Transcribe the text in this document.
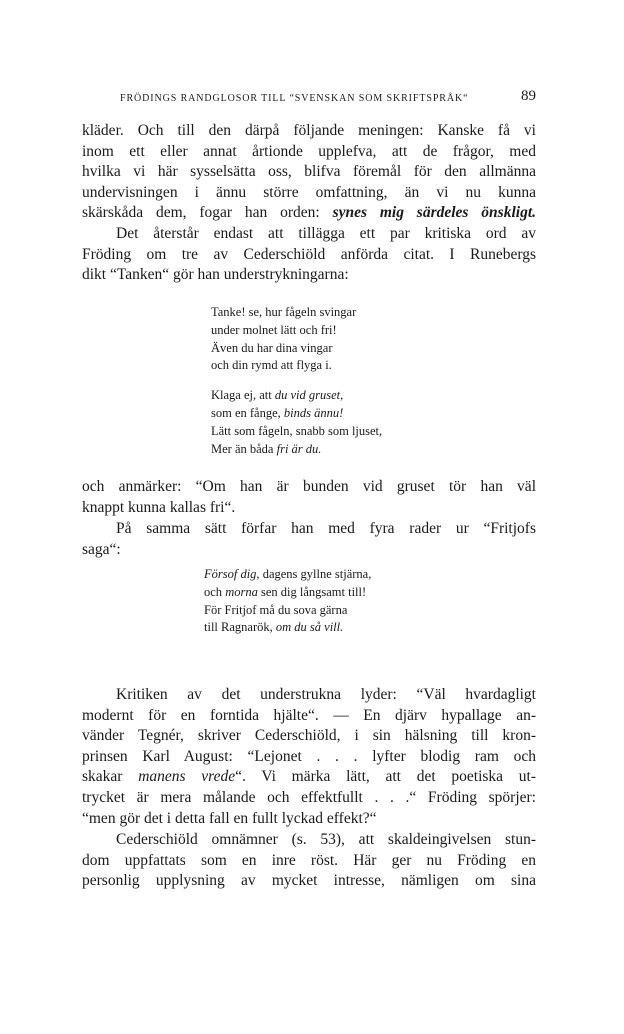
FRÖDINGS RANDGLOSOR TILL “SVENSKAN SOM SKRIFTSPRÅK“	89
kläder. Och till den därpå följande meningen: Kanske få vi
inom ett eller annat årtionde upplefva, att de frågor, med
hvilka vi här sysselsätta oss, blifva föremål för den allmänna
undervisningen i ännu större omfattning, än vi nu kunna
skärskåda dem, fogar han orden: synes mig särdeles önskligt.
Det återstår endast att tillägga ett par kritiska ord av
Fröding om tre av Cederschiöld anförda citat. I Runebergs
dikt “Tanken“ gör han understrykningarna:
Tanke! se, hur fågeln svingar
under molnet lätt och fri!
Även du har dina vingar
och din rymd att flyga i.
Klaga ej, att du vid gruset,
som en fånge, binds ännu!
Lätt som fågeln, snabb som ljuset,
Mer än båda fri är du.
och anmärker: “Om han är bunden vid gruset tör han väl
knappt kunna kallas fri“.
På samma sätt förfar han med fyra rader ur “Fritjofs
saga“:
Försof dig, dagens gyllne stjärna,
och morna sen dig långsamt till!
För Fritjof må du sova gärna
till Ragnarök, om du så vill.
Kritiken av det understrukna lyder: “Väl hvardagligt
modernt för en forntida hjälte“. — En djärv hypallage an-
vänder Tegnér, skriver Cederschiöld, i sin hälsning till kron-
prinsen Karl August: “Lejonet . . . lyfter blodig ram och
skakar manens vrede“. Vi märka lätt, att det poetiska ut-
trycket är mera målande och effektfullt . . .“ Fröding spörjer:
“men gör det i detta fall en fullt lyckad effekt?“
Cederschiöld omnämner (s. 53), att skaldeingivelsen stun-
dom uppfattats som en inre röst. Här ger nu Fröding en
personlig upplysning av mycket intresse, nämligen om sina
